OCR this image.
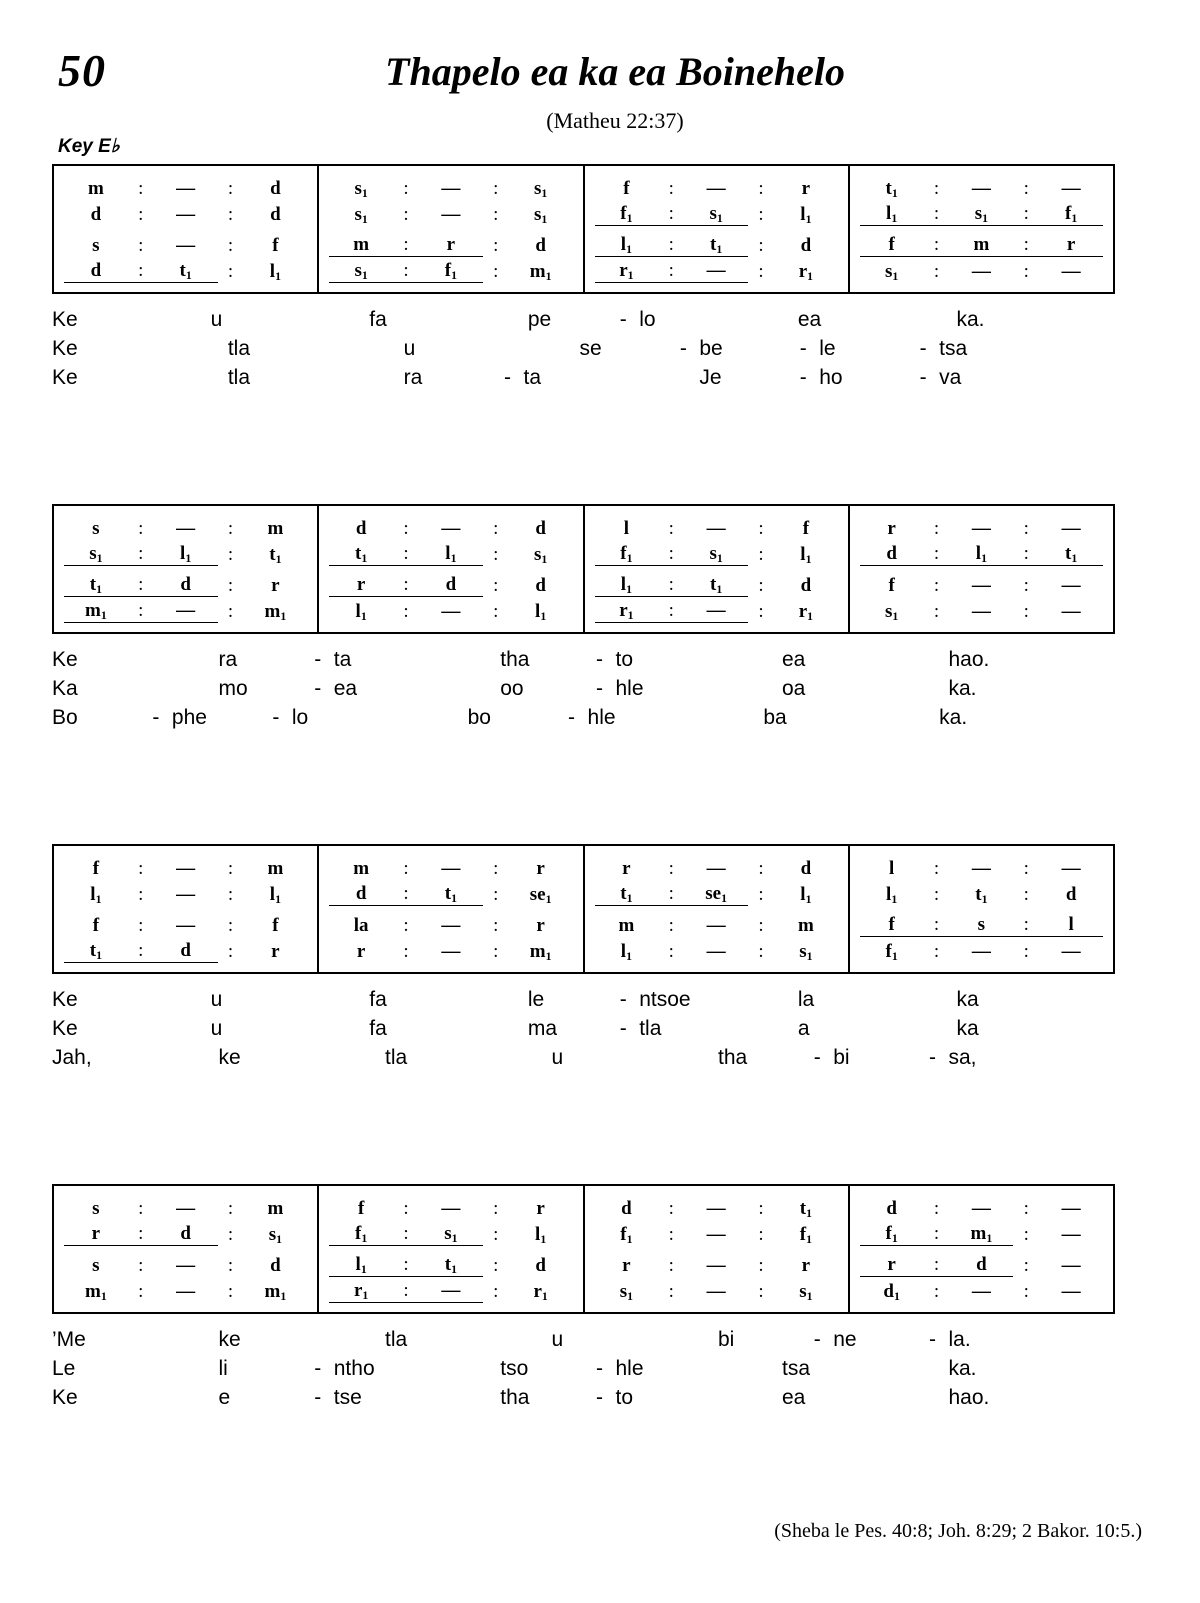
50	Thapelo ea ka ea Boinehelo
(Matheu 22:37)
Key E♭
m	:	—	:	d
d	:	—	:	d
s	:	—	:	f
d	:	$t_1$	:	$l_1$
$s_1$	:	—	:	$s_1$
$s_1$	:	—	:	$s_1$
m	:	r	:	d
$s_1$	:	$f_1$	:	$m_1$
f	:	—	:	r
$f_1$	:	$s_1$	:	$l_1$
$l_1$	:	$t_1$	:	d
$r_1$	:	—	:	$r_1$
$t_1$	:	—	:	—
$l_1$	:	$s_1$	:	$f_1$
f	:	m	:	r
$s_1$	:	—	:	—
Ke	u	fa	pe	- lo	ea	ka.
Ke	tla	u	se	- be	- le	- tsa
Ke	tla	ra	- ta	Je	- ho	- va
s	:	—	:	m
$s_1$	:	$l_1$	:	$t_1$
$t_1$	:	d	:	r
$m_1$	:	—	:	$m_1$
d	:	—	:	d
$t_1$	:	$l_1$	:	$s_1$
r	:	d	:	d
$l_1$	:	—	:	$l_1$
l	:	—	:	f
$f_1$	:	$s_1$	:	$l_1$
$l_1$	:	$t_1$	:	d
$r_1$	:	—	:	$r_1$
r	:	—	:	—
d	:	$l_1$	:	$t_1$
f	:	—	:	—
$s_1$	:	—	:	—
Ke	ra	- ta	tha	- to	ea	hao.
Ka	mo	- ea	oo	- hle	oa	ka.
Bo	- phe	- lo	bo	- hle	ba	ka.
f	:	—	:	m
$l_1$	:	—	:	$l_1$
f	:	—	:	f
$t_1$	:	d	:	r
m	:	—	:	r
d	:	$t_1$	:	$se_1$
la	:	—	:	r
r	:	—	:	$m_1$
r	:	—	:	d
$t_1$	:	$se_1$	:	$l_1$
m	:	—	:	m
$l_1$	:	—	:	$s_1$
l	:	—	:	—
$l_1$	:	$t_1$	:	d
f	:	s	:	l
$f_1$	:	—	:	—
Ke	u	fa	le	- ntsoe	la	ka
Ke	u	fa	ma	- tla	a	ka
Jah,	ke	tla	u	tha	- bi	- sa,
s	:	—	:	m
r	:	d	:	$s_1$
s	:	—	:	d
$m_1$	:	—	:	$m_1$
f	:	—	:	r
$f_1$	:	$s_1$	:	$l_1$
$l_1$	:	$t_1$	:	d
$r_1$	:	—	:	$r_1$
d	:	—	:	$t_1$
$f_1$	:	—	:	$f_1$
r	:	—	:	r
$s_1$	:	—	:	$s_1$
d	:	—	:	—
$f_1$	:	$m_1$	:	—
r	:	d	:	—
$d_1$	:	—	:	—
’Me	ke	tla	u	bi	- ne	- la.
Le	li	- ntho	tso	- hle	tsa	ka.
Ke	e	- tse	tha	- to	ea	hao.
(Sheba le Pes. 40:8; Joh. 8:29; 2 Bakor. 10:5.)
